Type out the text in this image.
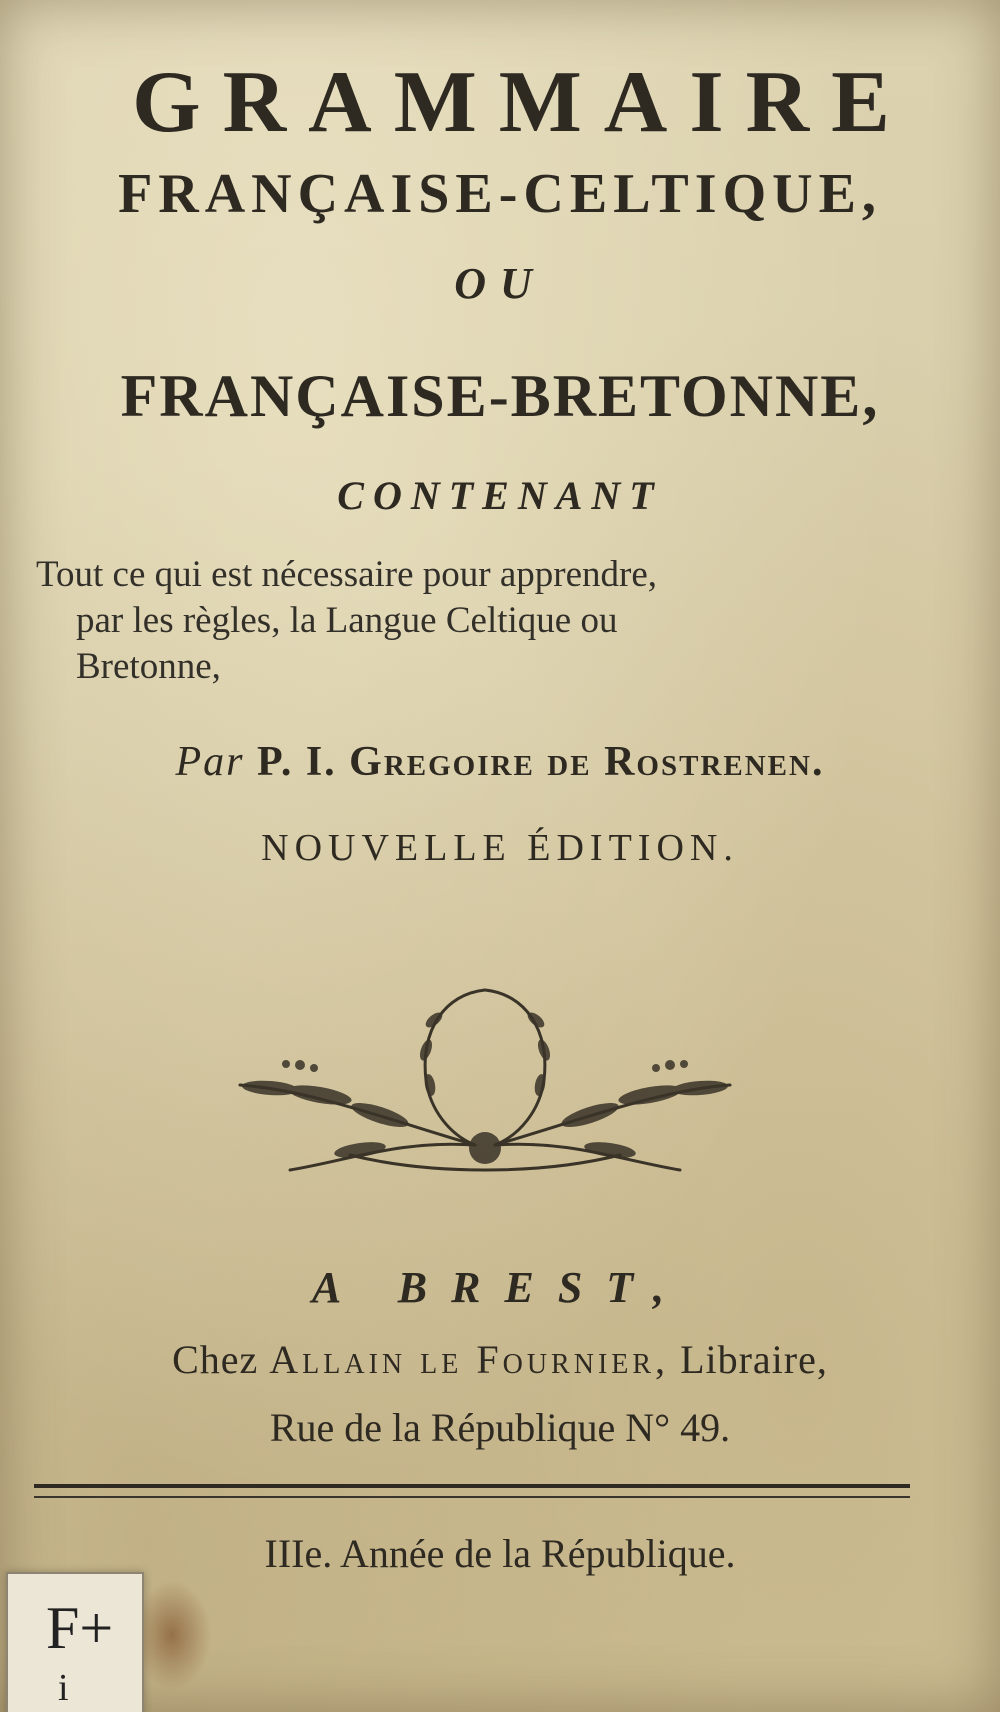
GRAMMAIRE
FRANÇAISE-CELTIQUE,
OU
FRANÇAISE-BRETONNE,
CONTENANT
Tout ce qui est nécessaire pour apprendre,
par les règles, la Langue Celtique ou
Bretonne,
Par P. I. Gregoire de Rostrenen.
NOUVELLE ÉDITION.
A BREST,
Chez Allain le Fournier, Libraire,
Rue de la République N° 49.
IIIe. Année de la République.
F+
i
